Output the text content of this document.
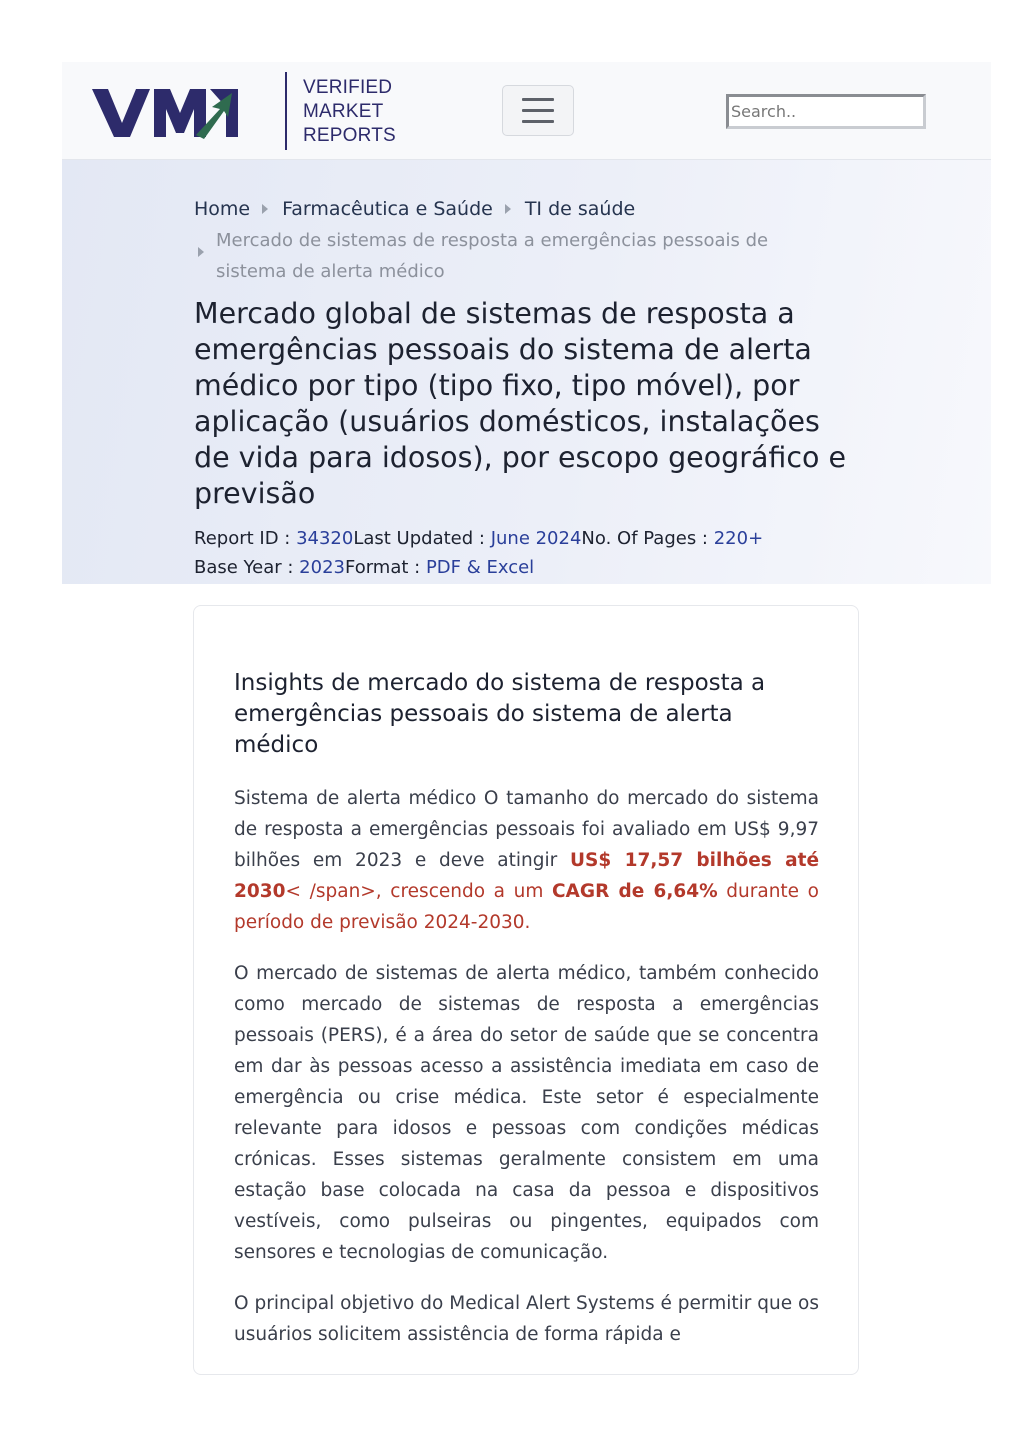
VERIFIED
MARKET
REPORTS
Search..
Home Farmacêutica e Saúde TI de saúde
Mercado de sistemas de resposta a emergências pessoais de sistema de alerta médico
Mercado global de sistemas de resposta a emergências pessoais do sistema de alerta médico por tipo (tipo fixo, tipo móvel), por aplicação (usuários domésticos, instalações de vida para idosos), por escopo geográfico e previsão
Report ID : 34320Last Updated : June 2024No. Of Pages : 220+
Base Year : 2023Format : PDF & Excel
Insights de mercado do sistema de resposta a emergências pessoais do sistema de alerta médico

Sistema de alerta médico O tamanho do mercado do sistema de resposta a emergências pessoais foi avaliado em US$ 9,97 bilhões em 2023 e deve atingir US$ 17,57 bilhões até 2030< /span>, crescendo a um CAGR de 6,64% durante o período de previsão 2024-2030.

O mercado de sistemas de alerta médico, também conhecido como mercado de sistemas de resposta a emergências pessoais (PERS), é a área do setor de saúde que se concentra em dar às pessoas acesso a assistência imediata em caso de emergência ou crise médica. Este setor é especialmente relevante para idosos e pessoas com condições médicas crónicas. Esses sistemas geralmente consistem em uma estação base colocada na casa da pessoa e dispositivos vestíveis, como pulseiras ou pingentes, equipados com sensores e tecnologias de comunicação.

O principal objetivo do Medical Alert Systems é permitir que os usuários solicitem assistência de forma rápida e
